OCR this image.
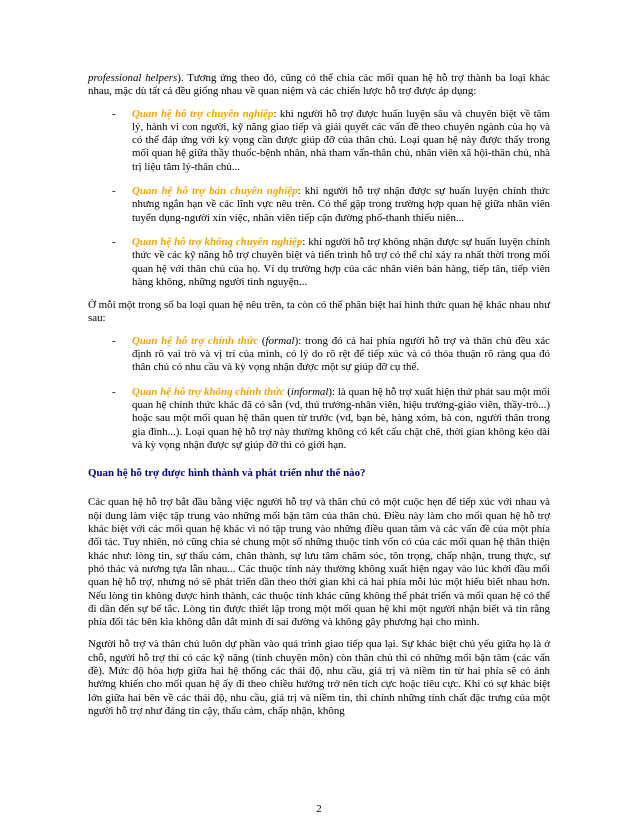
professional helpers). Tương ứng theo đó, cũng có thể chia các mối quan hệ hỗ trợ thành ba loại khác nhau, mặc dù tất cả đều giống nhau về quan niệm và các chiến lược hỗ trợ được áp dụng:

- Quan hệ hỗ trợ chuyên nghiệp: khi người hỗ trợ được huấn luyện sâu và chuyên biệt về tâm lý, hành vi con người, kỹ năng giao tiếp và giải quyết các vấn đề theo chuyên ngành của họ và có thể đáp ứng với kỳ vọng cần được giúp đỡ của thân chủ. Loại quan hệ này được thấy trong mối quan hệ giữa thầy thuốc-bệnh nhân, nhà tham vấn-thân chủ, nhân viên xã hội-thân chủ, nhà trị liệu tâm lý-thân chủ...
- Quan hệ hỗ trợ bán chuyên nghiệp: khi người hỗ trợ nhận được sự huấn luyện chính thức nhưng ngắn hạn về các lĩnh vực nêu trên. Có thể gặp trong trường hợp quan hệ giữa nhân viên tuyển dụng-người xin việc, nhân viên tiếp cận đường phố-thanh thiếu niên...
- Quan hệ hỗ trợ không chuyên nghiệp: khi người hỗ trợ không nhận được sự huấn luyện chính thức về các kỹ năng hỗ trợ chuyên biệt và tiến trình hỗ trợ có thể chỉ xảy ra nhất thời trong mối quan hệ với thân chủ của họ. Ví dụ trường hợp của các nhân viên bán hàng, tiếp tân, tiếp viên hàng không, những người tình nguyện...

Ở mỗi một trong số ba loại quan hệ nêu trên, ta còn có thể phân biệt hai hình thức quan hệ khác nhau như sau:

- Quan hệ hỗ trợ chính thức (formal): trong đó cả hai phía người hỗ trợ và thân chủ đều xác định rõ vai trò và vị trí của mình, có lý do rõ rệt để tiếp xúc và có thỏa thuận rõ ràng qua đó thân chủ có nhu cầu và kỳ vọng nhận được một sự giúp đỡ cụ thể.
- Quan hệ hỗ trợ không chính thức (informal): là quan hệ hỗ trợ xuất hiện thứ phát sau một mối quan hệ chính thức khác đã có sẵn (vd, thủ trưởng-nhân viên, hiệu trưởng-giáo viên, thầy-trò...) hoặc sau một mối quan hệ thân quen từ trước (vd, bạn bè, hàng xóm, bà con, người thân trong gia đình...). Loại quan hệ hỗ trợ này thường không có kết cấu chặt chẽ, thời gian không kéo dài và kỳ vọng nhận được sự giúp đỡ thì có giới hạn.

Quan hệ hỗ trợ được hình thành và phát triển như thế nào?

Các quan hệ hỗ trợ bắt đầu bằng việc người hỗ trợ và thân chủ có một cuộc hẹn để tiếp xúc với nhau và nội dung làm việc tập trung vào những mối bận tâm của thân chủ. Điều này làm cho mối quan hệ hỗ trợ khác biệt với các mối quan hệ khác vì nó tập trung vào những điều quan tâm và các vấn đề của một phía đối tác. Tuy nhiên, nó cũng chia sẻ chung một số những thuộc tính vốn có của các mối quan hệ thân thiện khác như: lòng tin, sự thấu cảm, chân thành, sự lưu tâm chăm sóc, tôn trọng, chấp nhận, trung thực, sự phó thác và nương tựa lẫn nhau... Các thuộc tính này thường không xuất hiện ngay vào lúc khởi đầu mối quan hệ hỗ trợ, nhưng nó sẽ phát triển dần theo thời gian khi cả hai phía mỗi lúc một hiểu biết nhau hơn. Nếu lòng tin không được hình thành, các thuộc tính khác cũng không thể phát triển và mối quan hệ có thể đi dần đến sự bế tắc. Lòng tin được thiết lập trong một mối quan hệ khi một người nhận biết và tin rằng phía đối tác bên kia không dẫn dắt mình đi sai đường và không gây phương hại cho mình.

Người hỗ trợ và thân chủ luôn dự phần vào quá trình giao tiếp qua lại. Sự khác biệt chủ yếu giữa họ là ở chỗ, người hỗ trợ thì có các kỹ năng (tính chuyên môn) còn thân chủ thì có những mối bận tâm (các vấn đề). Mức độ hòa hợp giữa hai hệ thống các thái độ, nhu cầu, giá trị và niềm tin từ hai phía sẽ có ảnh hưởng khiến cho mối quan hệ ấy đi theo chiều hướng trở nên tích cực hoặc tiêu cực. Khi có sự khác biệt lớn giữa hai bên về các thái độ, nhu cầu, giá trị và niềm tin, thì chính những tính chất đặc trưng của một người hỗ trợ như đáng tin cậy, thấu cảm, chấp nhận, không

2
